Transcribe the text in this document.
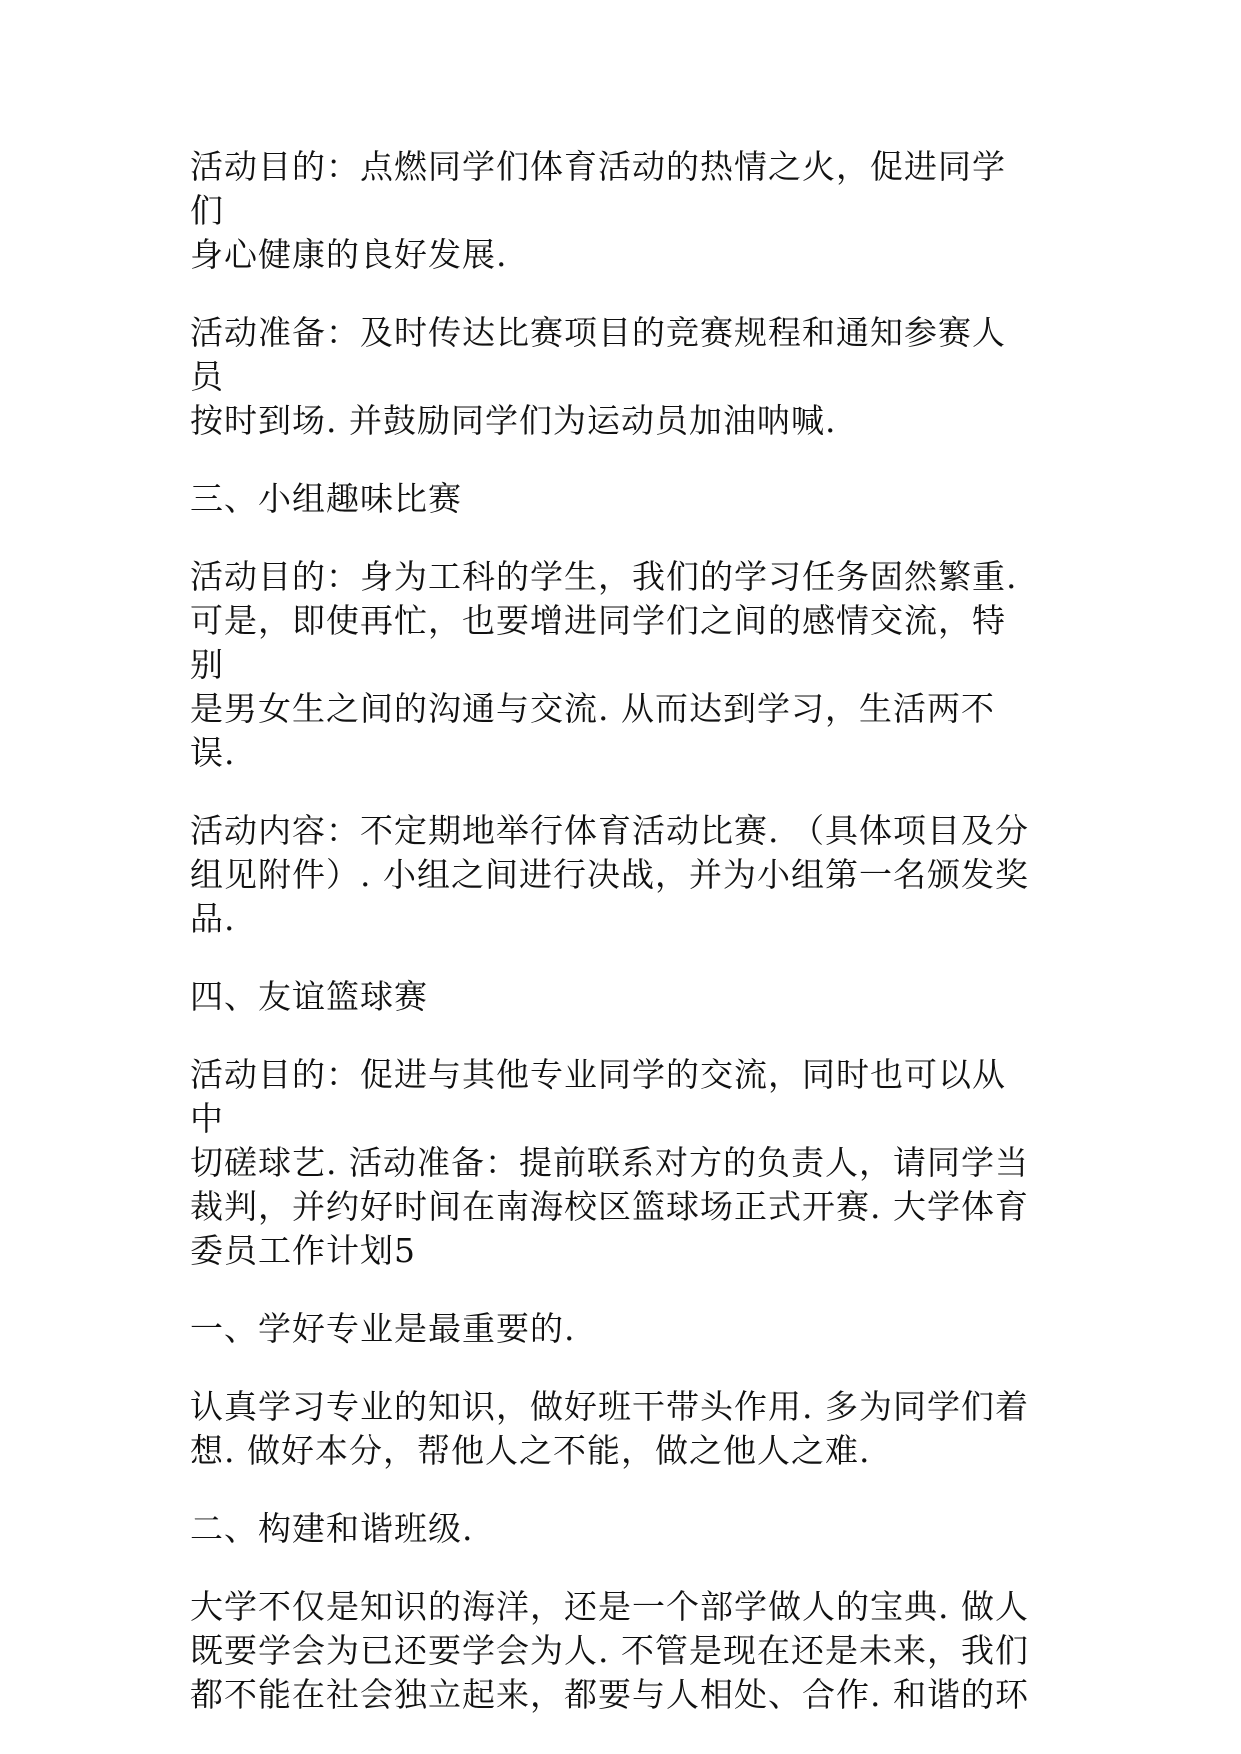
活动目的：点燃同学们体育活动的热情之火，促进同学们
身心健康的良好发展.

活动准备：及时传达比赛项目的竞赛规程和通知参赛人员
按时到场. 并鼓励同学们为运动员加油呐喊.

三、小组趣味比赛

活动目的：身为工科的学生，我们的学习任务固然繁重.
可是，即使再忙，也要增进同学们之间的感情交流，特别
是男女生之间的沟通与交流. 从而达到学习，生活两不误.

活动内容：不定期地举行体育活动比赛. （具体项目及分
组见附件）. 小组之间进行决战，并为小组第一名颁发奖
品.

四、友谊篮球赛

活动目的：促进与其他专业同学的交流，同时也可以从中
切磋球艺. 活动准备：提前联系对方的负责人，请同学当
裁判，并约好时间在南海校区篮球场正式开赛. 大学体育
委员工作计划5

一、学好专业是最重要的.

认真学习专业的知识，做好班干带头作用. 多为同学们着
想. 做好本分，帮他人之不能，做之他人之难.

二、构建和谐班级.

大学不仅是知识的海洋，还是一个部学做人的宝典. 做人
既要学会为已还要学会为人. 不管是现在还是未来，我们
都不能在社会独立起来，都要与人相处、合作. 和谐的环
